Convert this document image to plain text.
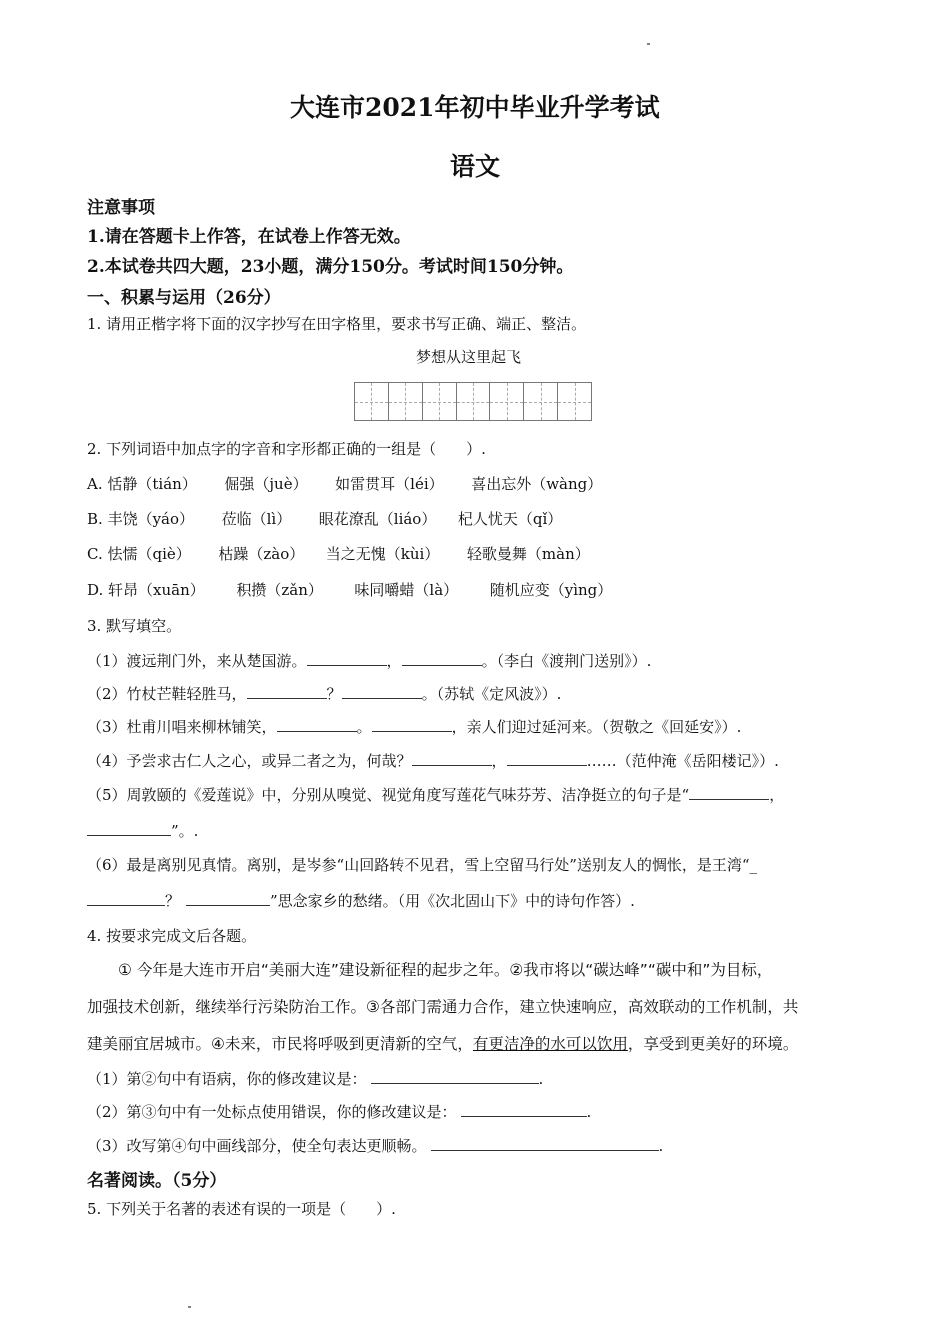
大连市2021年初中毕业升学考试
语文
注意事项
1.请在答题卡上作答，在试卷上作答无效。
2.本试卷共四大题，23小题，满分150分。考试时间150分钟。
一、积累与运用（26分）
1. 请用正楷字将下面的汉字抄写在田字格里，要求书写正确、端正、整洁。
梦想从这里起飞
2. 下列词语中加点字的字音和字形都正确的一组是（　　）.
A. 恬静（tián） 倔强（juè） 如雷贯耳（léi） 喜出忘外（wàng）
B. 丰饶（yáo） 莅临（lì） 眼花潦乱（liáo） 杞人忧天（qǐ）
C. 怯懦（qiè） 枯躁（zào） 当之无愧（kùi） 轻歌曼舞（màn）
D. 轩昂（xuān） 积攒（zǎn） 味同嚼蜡（là） 随机应变（yìng）
3. 默写填空。
（1）渡远荆门外，来从楚国游。	，	。（李白《渡荆门送别》）.
（2）竹杖芒鞋轻胜马，	？	。（苏轼《定风波》）.
（3）杜甫川唱来柳林铺笑，	。	，亲人们迎过延河来。（贺敬之《回延安》）.
（4）予尝求古仁人之心，或异二者之为，何哉？	，	……（范仲淹《岳阳楼记》）.
（5）周敦颐的《爱莲说》中，分别从嗅觉、视觉角度写莲花气味芬芳、洁净挺立的句子是“	，
”。.
（6）最是离别见真情。离别，是岑参“山回路转不见君，雪上空留马行处”送别友人的惆怅，是王湾“_
？	”思念家乡的愁绪。（用《次北固山下》中的诗句作答）.
4. 按要求完成文后各题。
① 今年是大连市开启“美丽大连”建设新征程的起步之年。②我市将以“碳达峰”“碳中和”为目标，
加强技术创新，继续举行污染防治工作。③各部门需通力合作，建立快速响应，高效联动的工作机制，共
建美丽宜居城市。④未来，市民将呼吸到更清新的空气，有更洁净的水可以饮用，享受到更美好的环境。
（1）第②句中有语病，你的修改建议是：	.
（2）第③句中有一处标点使用错误，你的修改建议是：	.
（3）改写第④句中画线部分，使全句表达更顺畅。	.
名著阅读。（5分）
5. 下列关于名著的表述有误的一项是（　　）.
